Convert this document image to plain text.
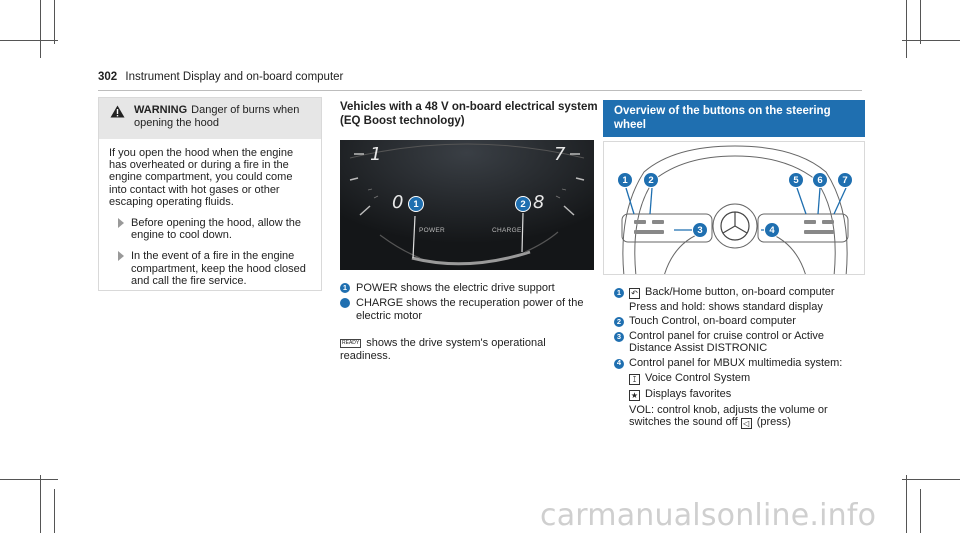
302 Instrument Display and on-board computer
WARNING Danger of burns when opening the hood
If you open the hood when the engine has overheated or during a fire in the engine compartment, you could come into contact with hot gases or other escaping operating fluids.
Before opening the hood, allow the engine to cool down.
In the event of a fire in the engine compartment, keep the hood closed and call the fire service.
Vehicles with a 48 V on-board electrical system (EQ Boost technology)
1	7
0	8
POWER	CHARGE
1	2
1 POWER shows the electric drive support
2 CHARGE shows the recuperation power of the electric motor
READY shows the drive system's operational readiness.
Overview of the buttons on the steering wheel
1	2
3	4
5	6	7
1	↶ Back/Home button, on-board computer
Press and hold: shows standard display
2 Touch Control, on-board computer
3 Control panel for cruise control or Active Distance Assist DISTRONIC
4 Control panel for MBUX multimedia system:
ꕯ Voice Control System
★ Displays favorites
VOL: control knob, adjusts the volume or switches the sound off ◁ (press)
carmanualsonline.info
